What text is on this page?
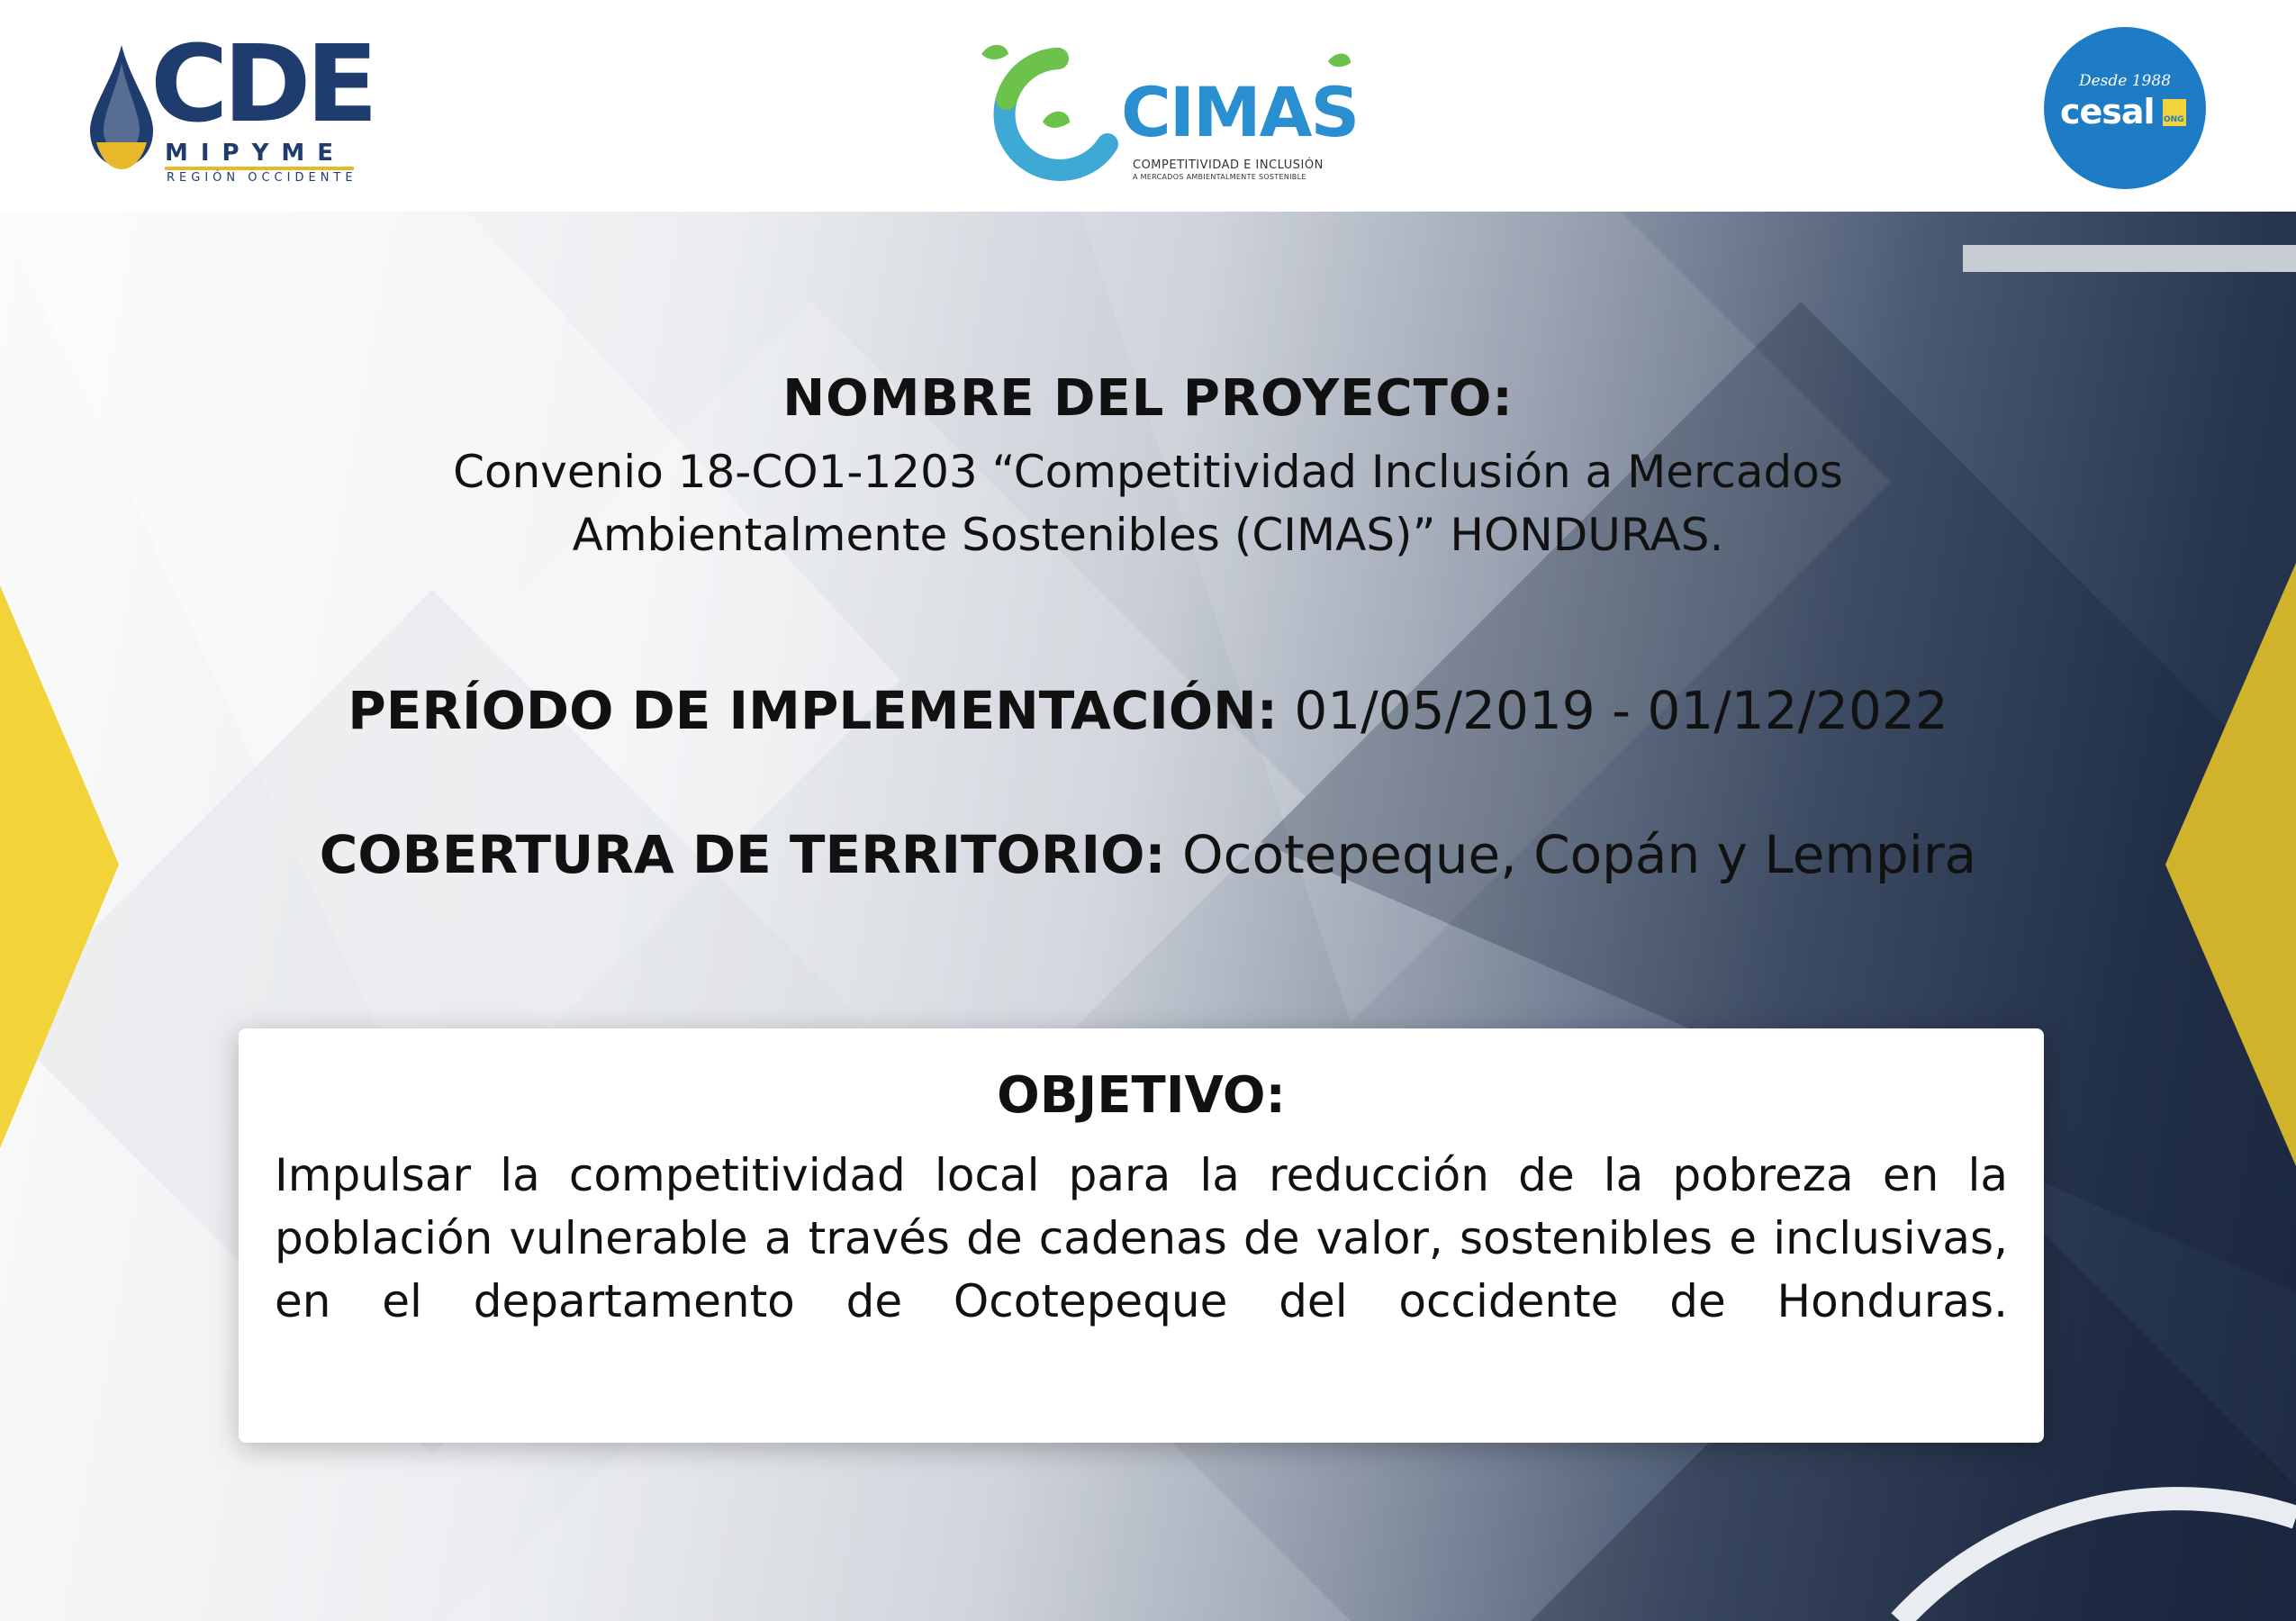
CDE
MIPYME
REGIÓN OCCIDENTE
CIMAS
COMPETITIVIDAD E INCLUSIÓN
A MERCADOS AMBIENTALMENTE SOSTENIBLE
Desde 1988
cesal ONG
NOMBRE DEL PROYECTO:
Convenio 18-CO1-1203 “Competitividad Inclusión a Mercados
Ambientalmente Sostenibles (CIMAS)” HONDURAS.
PERÍODO DE IMPLEMENTACIÓN: 01/05/2019 - 01/12/2022
COBERTURA DE TERRITORIO: Ocotepeque, Copán y Lempira
OBJETIVO:
Impulsar la competitividad local para la reducción de la pobreza en la población vulnerable a través de cadenas de valor, sostenibles e inclusivas, en el departamento de Ocotepeque del occidente de Honduras.
